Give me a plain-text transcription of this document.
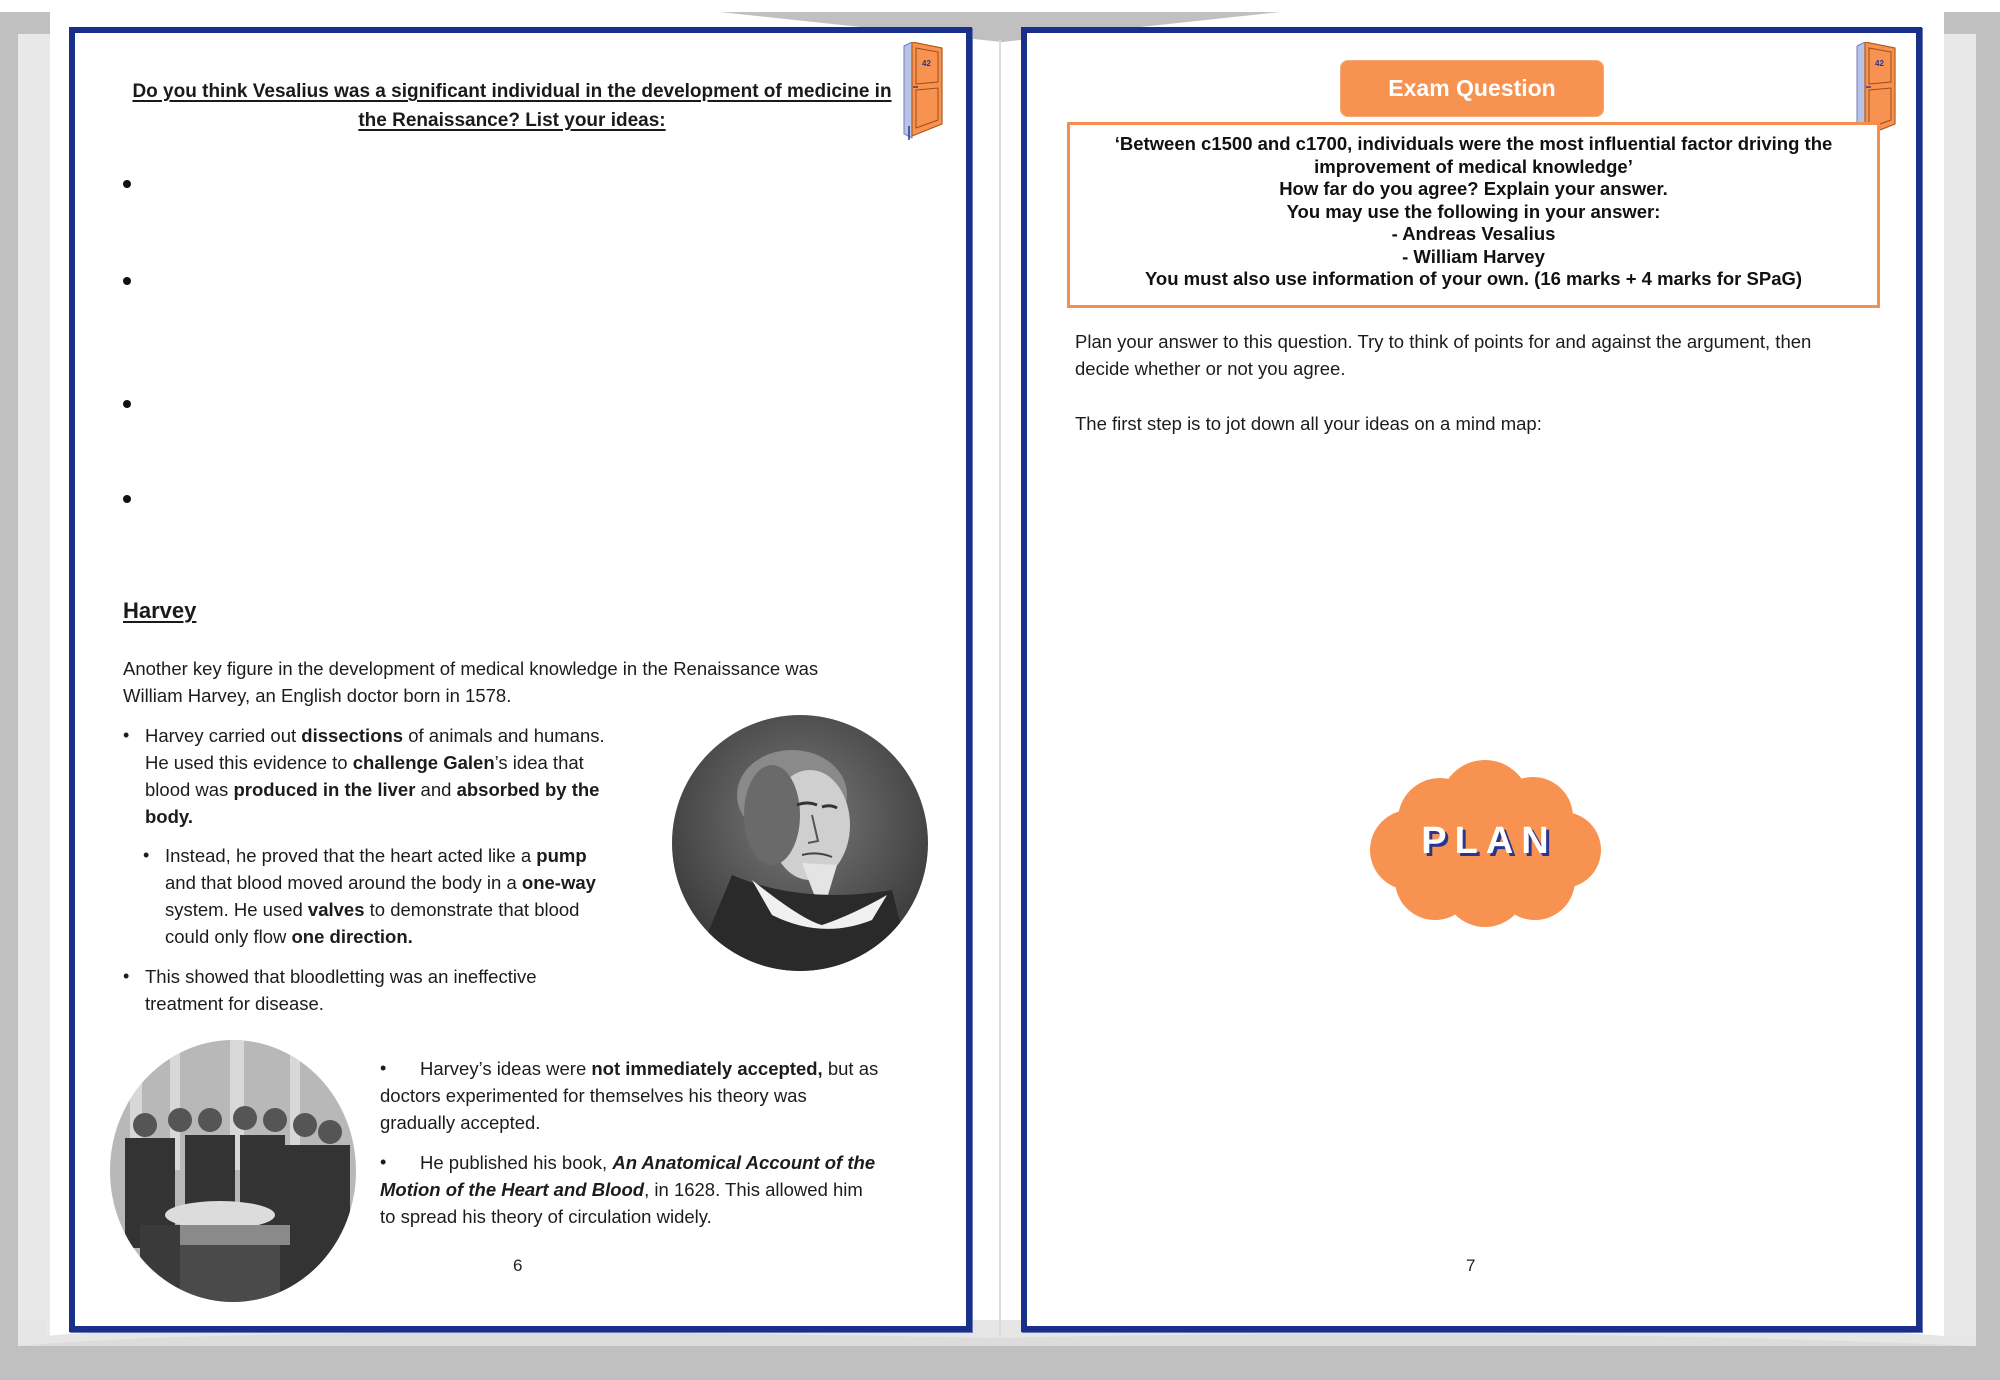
42
Do you think Vesalius was a significant individual in the development of medicine in
the Renaissance? List your ideas:
Harvey
Another key figure in the development of medical knowledge in the Renaissance was
William Harvey, an English doctor born in 1578.
• Harvey carried out dissections of animals and humans.
He used this evidence to challenge Galen’s idea that
blood was produced in the liver and absorbed by the
body.
• Instead, he proved that the heart acted like a pump
and that blood moved around the body in a one-way
system. He used valves to demonstrate that blood
could only flow one direction.
• This showed that bloodletting was an ineffective
treatment for disease.
•	Harvey’s ideas were not immediately accepted, but as
doctors experimented for themselves his theory was
gradually accepted.
•	He published his book, An Anatomical Account of the
Motion of the Heart and Blood, in 1628. This allowed him
to spread his theory of circulation widely.
6
Exam Question
42
‘Between c1500 and c1700, individuals were the most influential factor driving the
improvement of medical knowledge’
How far do you agree? Explain your answer.
You may use the following in your answer:
- Andreas Vesalius
- William Harvey
You must also use information of your own. (16 marks + 4 marks for SPaG)
Plan your answer to this question. Try to think of points for and against the argument, then
decide whether or not you agree.
The first step is to jot down all your ideas on a mind map:
PLAN
7
